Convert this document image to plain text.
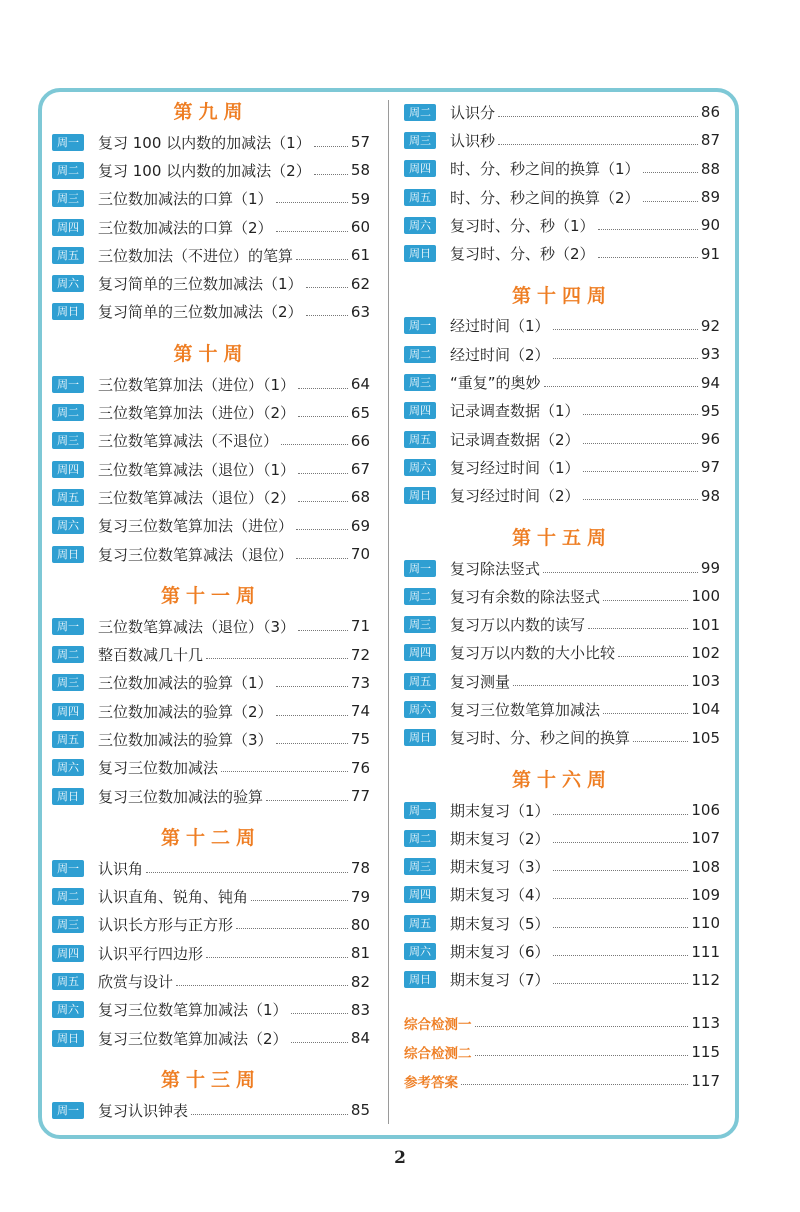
第九周
周一	复习 100 以内数的加减法（1）	57
周二	复习 100 以内数的加减法（2）	58
周三	三位数加减法的口算（1）	59
周四	三位数加减法的口算（2）	60
周五	三位数加法（不进位）的笔算	61
周六	复习简单的三位数加减法（1）	62
周日	复习简单的三位数加减法（2）	63
第十周
周一	三位数笔算加法（进位）（1）	64
周二	三位数笔算加法（进位）（2）	65
周三	三位数笔算减法（不退位）	66
周四	三位数笔算减法（退位）（1）	67
周五	三位数笔算减法（退位）（2）	68
周六	复习三位数笔算加法（进位）	69
周日	复习三位数笔算减法（退位）	70
第十一周
周一	三位数笔算减法（退位）（3）	71
周二	整百数减几十几	72
周三	三位数加减法的验算（1）	73
周四	三位数加减法的验算（2）	74
周五	三位数加减法的验算（3）	75
周六	复习三位数加减法	76
周日	复习三位数加减法的验算	77
第十二周
周一	认识角	78
周二	认识直角、锐角、钝角	79
周三	认识长方形与正方形	80
周四	认识平行四边形	81
周五	欣赏与设计	82
周六	复习三位数笔算加减法（1）	83
周日	复习三位数笔算加减法（2）	84
第十三周
周一	复习认识钟表	85
周二	认识分	86
周三	认识秒	87
周四	时、分、秒之间的换算（1）	88
周五	时、分、秒之间的换算（2）	89
周六	复习时、分、秒（1）	90
周日	复习时、分、秒（2）	91
第十四周
周一	经过时间（1）	92
周二	经过时间（2）	93
周三	“重复”的奥妙	94
周四	记录调查数据（1）	95
周五	记录调查数据（2）	96
周六	复习经过时间（1）	97
周日	复习经过时间（2）	98
第十五周
周一	复习除法竖式	99
周二	复习有余数的除法竖式	100
周三	复习万以内数的读写	101
周四	复习万以内数的大小比较	102
周五	复习测量	103
周六	复习三位数笔算加减法	104
周日	复习时、分、秒之间的换算	105
第十六周
周一	期末复习（1）	106
周二	期末复习（2）	107
周三	期末复习（3）	108
周四	期末复习（4）	109
周五	期末复习（5）	110
周六	期末复习（6）	111
周日	期末复习（7）	112
综合检测一	113
综合检测二	115
参考答案	117
2
